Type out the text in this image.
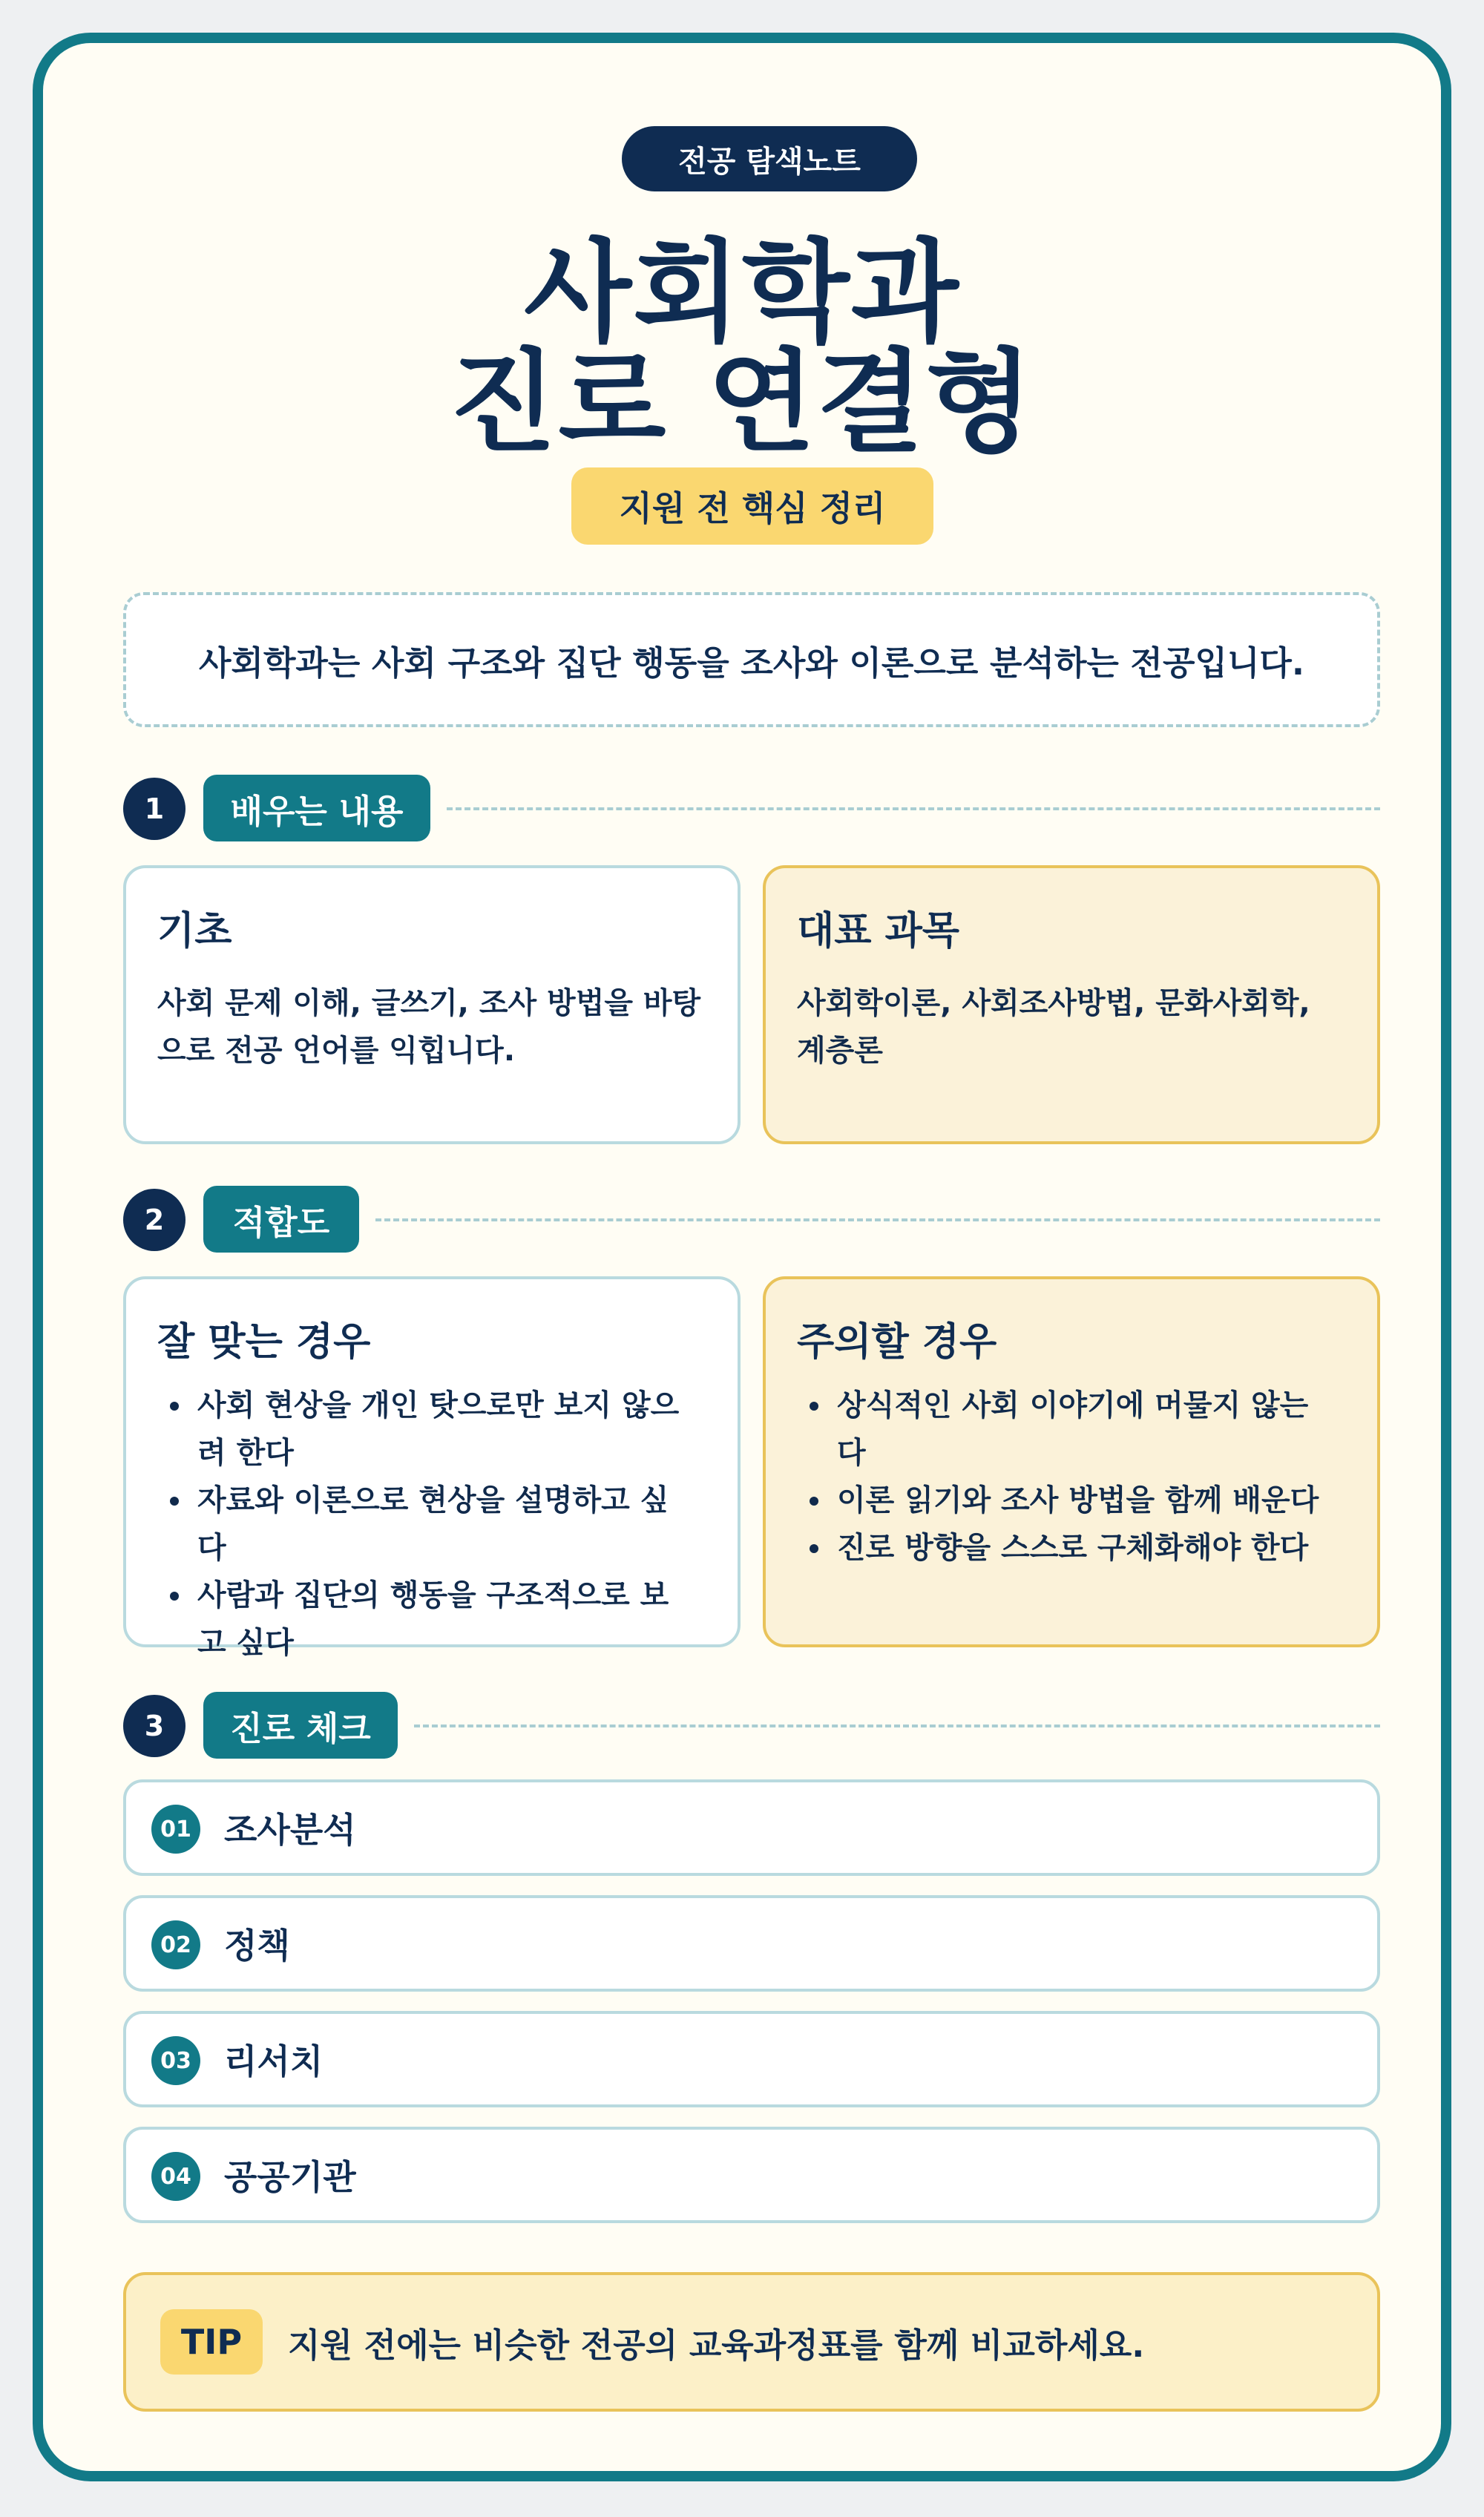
전공 탐색노트
사회학과
진로 연결형
지원 전 핵심 정리
사회학과는 사회 구조와 집단 행동을 조사와 이론으로 분석하는 전공입니다.
1	배우는 내용
기초
사회 문제 이해, 글쓰기, 조사 방법을 바탕으로 전공 언어를 익힙니다.
대표 과목
사회학이론, 사회조사방법, 문화사회학, 계층론
2	적합도
잘 맞는 경우
• 사회 현상을 개인 탓으로만 보지 않으려 한다
• 자료와 이론으로 현상을 설명하고 싶다
• 사람과 집단의 행동을 구조적으로 보고 싶다
주의할 경우
• 상식적인 사회 이야기에 머물지 않는다
• 이론 읽기와 조사 방법을 함께 배운다
• 진로 방향을 스스로 구체화해야 한다
3	진로 체크
01 조사분석
02 정책
03 리서치
04 공공기관
TIP	지원 전에는 비슷한 전공의 교육과정표를 함께 비교하세요.
